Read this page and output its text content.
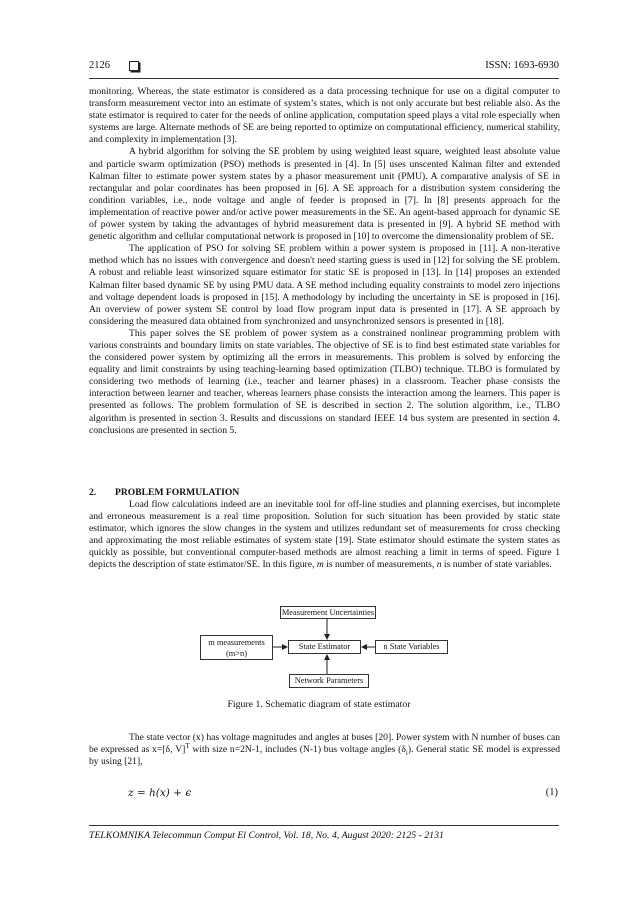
2126	ISSN: 1693-6930

monitoring. Whereas, the state estimator is considered as a data processing technique for use on a digital computer to transform measurement vector into an estimate of system’s states, which is not only accurate but best reliable also. As the state estimator is required to cater for the needs of online application, computation speed plays a vital role especially when systems are large. Alternate methods of SE are being reported to optimize on computational efficiency, numerical stability, and complexity in implementation [3].

A hybrid algorithm for solving the SE problem by using weighted least square, weighted least absolute value and particle swarm optimization (PSO) methods is presented in [4]. In [5] uses unscented Kalman filter and extended Kalman filter to estimate power system states by a phasor measurement unit (PMU). A comparative analysis of SE in rectangular and polar coordinates has been proposed in [6]. A SE approach for a distribution system considering the condition variables, i.e., node voltage and angle of feeder is proposed in [7]. In [8] presents approach for the implementation of reactive power and/or active power measurements in the SE. An agent-based approach for dynamic SE of power system by taking the advantages of hybrid measurement data is presented in [9]. A hybrid SE method with genetic algorithm and cellular computational network is proposed in [10] to overcome the dimensionality problem of SE.

The application of PSO for solving SE problem within a power system is proposed in [11]. A non-iterative method which has no issues with convergence and doesn't need starting guess is used in [12] for solving the SE problem. A robust and reliable least winsorized square estimator for static SE is proposed in [13]. In [14] proposes an extended Kalman filter based dynamic SE by using PMU data. A SE method including equality constraints to model zero injections and voltage dependent loads is proposed in [15]. A methodology by including the uncertainty in SE is proposed in [16]. An overview of power system SE control by load flow program input data is presented in [17]. A SE approach by considering the measured data obtained from synchronized and unsynchronized sensors is presented in [18].

This paper solves the SE problem of power system as a constrained nonlinear programming problem with various constraints and boundary limits on state variables. The objective of SE is to find best estimated state variables for the considered power system by optimizing all the errors in measurements. This problem is solved by enforcing the equality and limit constraints by using teaching-learning based optimization (TLBO) technique. TLBO is formulated by considering two methods of learning (i.e., teacher and learner phases) in a classroom. Teacher phase consists the interaction between learner and teacher, whereas learners phase consists the interaction among the learners. This paper is presented as follows. The problem formulation of SE is described in section 2. The solution algorithm, i.e., TLBO algorithm is presented in section 3. Results and discussions on standard IEEE 14 bus system are presented in section 4. conclusions are presented in section 5.

2. PROBLEM FORMULATION

Load flow calculations indeed are an inevitable tool for off-line studies and planning exercises, but incomplete and erroneous measurement is a real time proposition. Solution for such situation has been provided by static state estimator, which ignores the slow changes in the system and utilizes redundant set of measurements for cross checking and approximating the most reliable estimates of system state [19]. State estimator should estimate the system states as quickly as possible, but conventional computer-based methods are almost reaching a limit in terms of speed. Figure 1 depicts the description of state estimator/SE. In this figure, m is number of measurements, n is number of state variables.

Measurement Uncertainties
m measurements
(m>n)
State Estimator	n State Variables
Network Parameters
Figure 1. Schematic diagram of state estimator

The state vector (x) has voltage magnitudes and angles at buses [20]. Power system with N number of buses can be expressed as x=[δ, V]$^T$ with size n=2N-1, includes (N-1) bus voltage angles $(\delta_i)$. General static SE model is expressed by using [21],

z = h(x) + ϵ	(1)
TELKOMNIKA Telecommun Comput El Control, Vol. 18, No. 4, August 2020: 2125 - 2131
